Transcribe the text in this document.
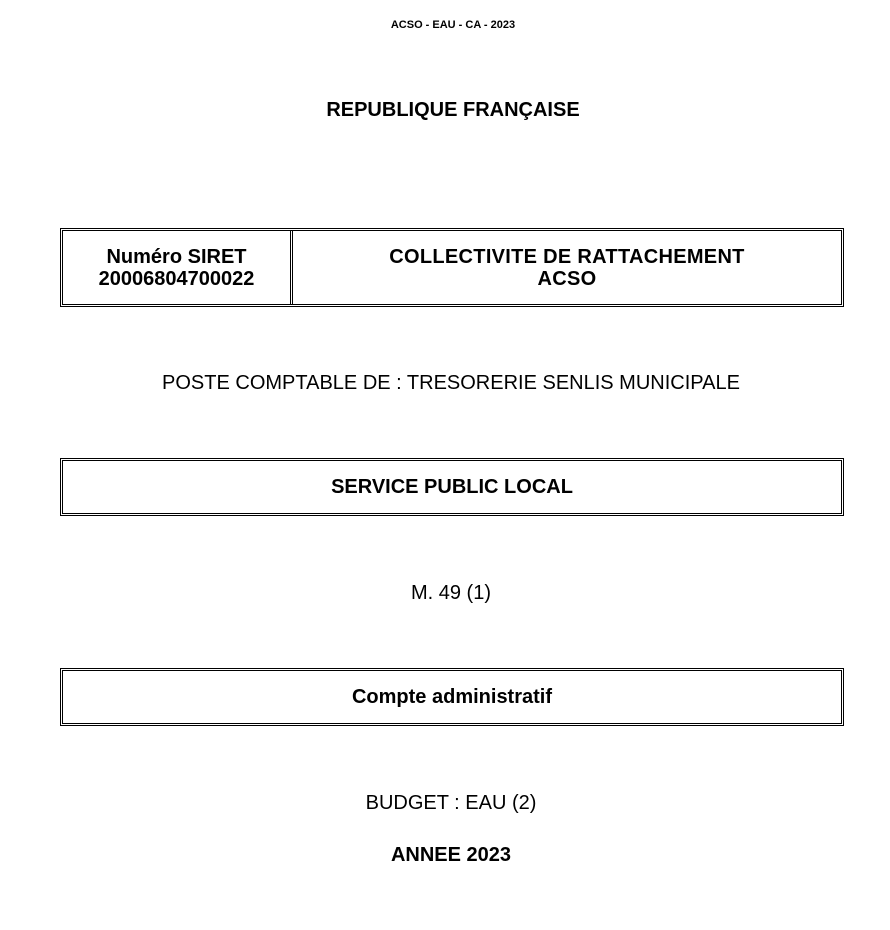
ACSO - EAU - CA - 2023
REPUBLIQUE FRANÇAISE
Numéro SIRET
20006804700022
COLLECTIVITE DE RATTACHEMENT
ACSO
POSTE COMPTABLE DE : TRESORERIE SENLIS MUNICIPALE
SERVICE PUBLIC LOCAL
M. 49 (1)
Compte administratif
BUDGET : EAU (2)
ANNEE 2023
